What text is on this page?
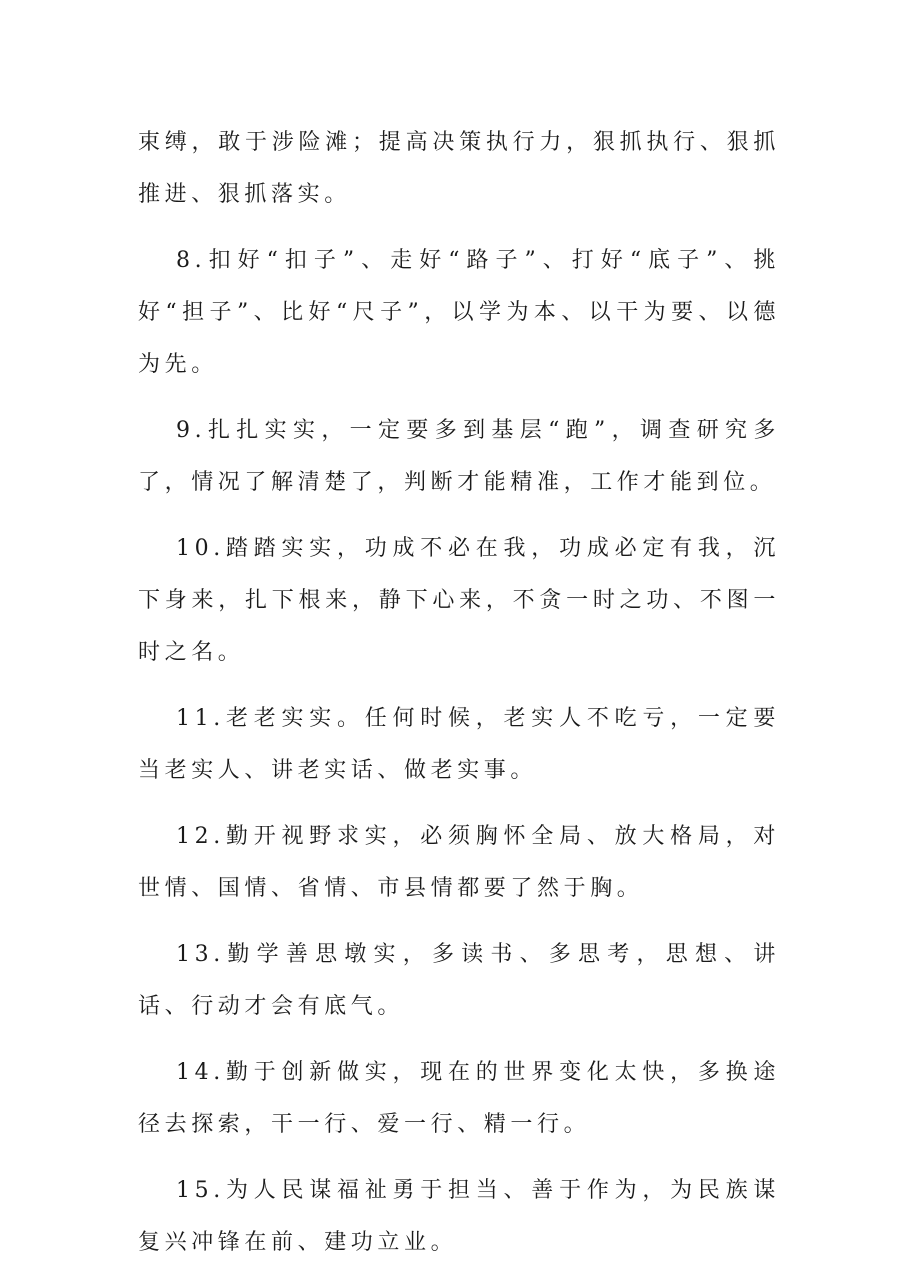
束缚，敢于涉险滩；提高决策执行力，狠抓执行、狠抓推进、狠抓落实。

8.扣好“扣子”、走好“路子”、打好“底子”、挑好“担子”、比好“尺子”，以学为本、以干为要、以德为先。

9.扎扎实实，一定要多到基层“跑”，调查研究多了，情况了解清楚了，判断才能精准，工作才能到位。

10.踏踏实实，功成不必在我，功成必定有我，沉下身来，扎下根来，静下心来，不贪一时之功、不图一时之名。

11.老老实实。任何时候，老实人不吃亏，一定要当老实人、讲老实话、做老实事。

12.勤开视野求实，必须胸怀全局、放大格局，对世情、国情、省情、市县情都要了然于胸。

13.勤学善思墩实，多读书、多思考，思想、讲话、行动才会有底气。

14.勤于创新做实，现在的世界变化太快，多换途径去探索，干一行、爱一行、精一行。

15.为人民谋福祉勇于担当、善于作为，为民族谋复兴冲锋在前、建功立业。
